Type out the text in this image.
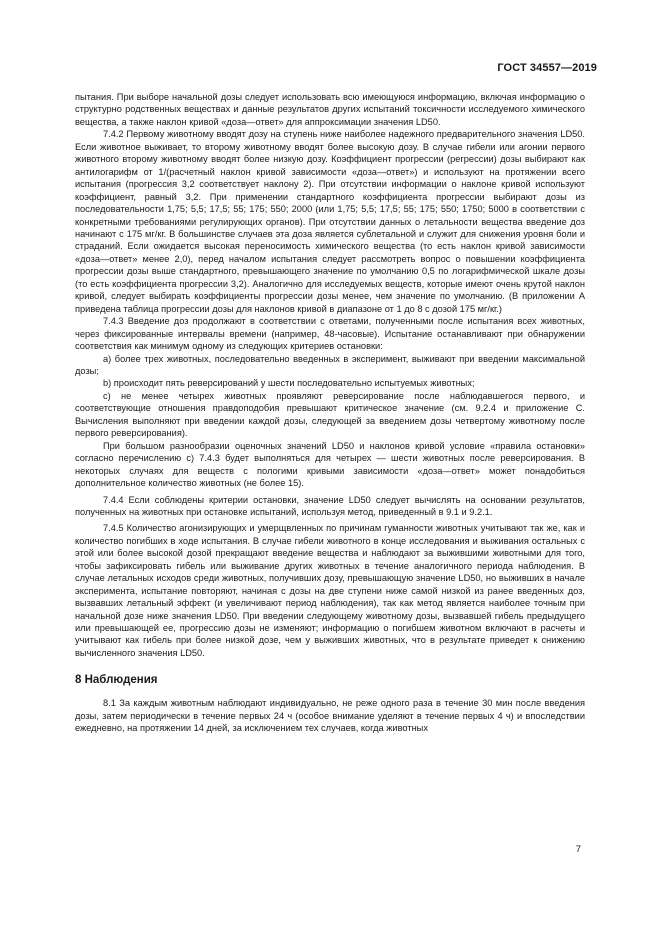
ГОСТ 34557—2019

пытания. При выборе начальной дозы следует использовать всю имеющуюся информацию, включая информацию о структурно родственных веществах и данные результатов других испытаний токсичности исследуемого химического вещества, а также наклон кривой «доза—ответ» для аппроксимации значения LD50.

7.4.2 Первому животному вводят дозу на ступень ниже наиболее надежного предварительного значения LD50. Если животное выживает, то второму животному вводят более высокую дозу. В случае гибели или агонии первого животного второму животному вводят более низкую дозу. Коэффициент прогрессии (регрессии) дозы выбирают как антилогарифм от 1/(расчетный наклон кривой зависимости «доза—ответ») и используют на протяжении всего испытания (прогрессия 3,2 соответствует наклону 2). При отсутствии информации о наклоне кривой используют коэффициент, равный 3,2. При применении стандартного коэффициента прогрессии выбирают дозы из последовательности 1,75; 5,5; 17,5; 55; 175; 550; 2000 (или 1,75; 5,5; 17,5; 55; 175; 550; 1750; 5000 в соответствии с конкретными требованиями регулирующих органов). При отсутствии данных о летальности вещества введение доз начинают с 175 мг/кг. В большинстве случаев эта доза является сублетальной и служит для снижения уровня боли и страданий. Если ожидается высокая переносимость химического вещества (то есть наклон кривой зависимости «доза—ответ» менее 2,0), перед началом испытания следует рассмотреть вопрос о повышении коэффициента прогрессии дозы выше стандартного, превышающего значение по умолчанию 0,5 по логарифмической шкале дозы (то есть коэффициента прогрессии 3,2). Аналогично для исследуемых веществ, которые имеют очень крутой наклон кривой, следует выбирать коэффициенты прогрессии дозы менее, чем значение по умолчанию. (В приложении А приведена таблица прогрессии дозы для наклонов кривой в диапазоне от 1 до 8 с дозой 175 мг/кг.)

7.4.3 Введение доз продолжают в соответствии с ответами, полученными после испытания всех животных, через фиксированные интервалы времени (например, 48-часовые). Испытание останавливают при обнаружении соответствия как минимум одному из следующих критериев остановки:

a) более трех животных, последовательно введенных в эксперимент, выживают при введении максимальной дозы;

b) происходит пять реверсирований у шести последовательно испытуемых животных;

c) не менее четырех животных проявляют реверсирование после наблюдавшегося первого, и соответствующие отношения правдоподобия превышают критическое значение (см. 9.2.4 и приложение С. Вычисления выполняют при введении каждой дозы, следующей за введением дозы четвертому животному после первого реверсирования).

При большом разнообразии оценочных значений LD50 и наклонов кривой условие «правила остановки» согласно перечислению с) 7.4.3 будет выполняться для четырех — шести животных после реверсирования. В некоторых случаях для веществ с пологими кривыми зависимости «доза—ответ» может понадобиться дополнительное количество животных (не более 15).

7.4.4 Если соблюдены критерии остановки, значение LD50 следует вычислять на основании результатов, полученных на животных при остановке испытаний, используя метод, приведенный в 9.1 и 9.2.1.

7.4.5 Количество агонизирующих и умерщвленных по причинам гуманности животных учитывают так же, как и количество погибших в ходе испытания. В случае гибели животного в конце исследования и выживания остальных с этой или более высокой дозой прекращают введение вещества и наблюдают за выжившими животными для того, чтобы зафиксировать гибель или выживание других животных в течение аналогичного периода наблюдения. В случае летальных исходов среди животных, получивших дозу, превышающую значение LD50, но выживших в начале эксперимента, испытание повторяют, начиная с дозы на две ступени ниже самой низкой из ранее введенных доз, вызвавших летальный эффект (и увеличивают период наблюдения), так как метод является наиболее точным при начальной дозе ниже значения LD50. При введении следующему животному дозы, вызвавшей гибель предыдущего или превышающей ее, прогрессию дозы не изменяют; информацию о погибшем животном включают в расчеты и учитывают как гибель при более низкой дозе, чем у выживших животных, что в результате приведет к снижению вычисленного значения LD50.

8 Наблюдения

8.1 За каждым животным наблюдают индивидуально, не реже одного раза в течение 30 мин после введения дозы, затем периодически в течение первых 24 ч (особое внимание уделяют в течение первых 4 ч) и впоследствии ежедневно, на протяжении 14 дней, за исключением тех случаев, когда животных

7
